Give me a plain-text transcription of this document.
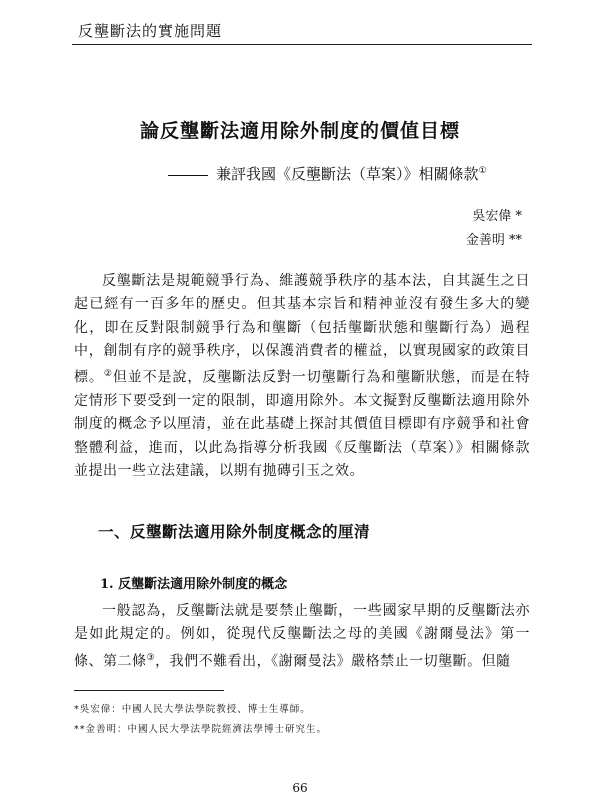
反壟斷法的實施問題
論反壟斷法適用除外制度的價值目標
兼評我國《反壟斷法（草案）》相關條款①
吳宏偉 *
金善明 **
反壟斷法是規範競爭行為、維護競爭秩序的基本法，自其誕生之日起已經有一百多年的歷史。但其基本宗旨和精神並沒有發生多大的變化，即在反對限制競爭行為和壟斷（包括壟斷狀態和壟斷行為）過程中，創制有序的競爭秩序，以保護消費者的權益，以實現國家的政策目標。②但並不是說，反壟斷法反對一切壟斷行為和壟斷狀態，而是在特定情形下要受到一定的限制，即適用除外。本文擬對反壟斷法適用除外制度的概念予以厘清，並在此基礎上探討其價值目標即有序競爭和社會整體利益，進而，以此為指導分析我國《反壟斷法（草案）》相關條款並提出一些立法建議，以期有拋磚引玉之效。
一、反壟斷法適用除外制度概念的厘清
1. 反壟斷法適用除外制度的概念
一般認為，反壟斷法就是要禁止壟斷，一些國家早期的反壟斷法亦是如此規定的。例如，從現代反壟斷法之母的美國《謝爾曼法》第一條、第二條③，我們不難看出，《謝爾曼法》嚴格禁止一切壟斷。但隨
*吳宏偉：中國人民大學法學院教授、博士生導師。
**金善明：中國人民大學法學院經濟法學博士研究生。
66
